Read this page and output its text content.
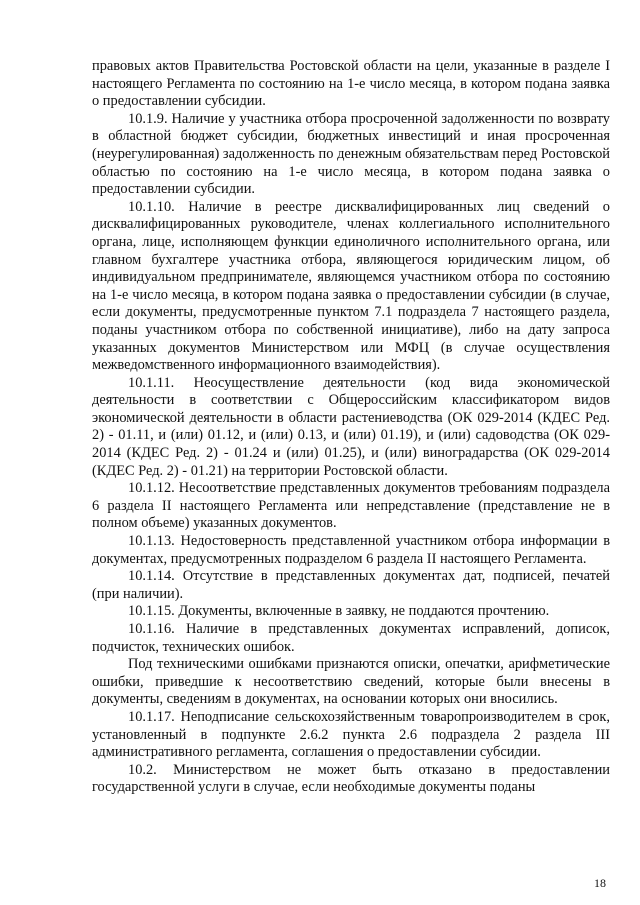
правовых актов Правительства Ростовской области на цели, указанные в разделе I настоящего Регламента по состоянию на 1-е число месяца, в котором подана заявка о предоставлении субсидии.

10.1.9. Наличие у участника отбора просроченной задолженности по возврату в областной бюджет субсидии, бюджетных инвестиций и иная просроченная (неурегулированная) задолженность по денежным обязательствам перед Ростовской областью по состоянию на 1-е число месяца, в котором подана заявка о предоставлении субсидии.

10.1.10. Наличие в реестре дисквалифицированных лиц сведений о дисквалифицированных руководителе, членах коллегиального исполнительного органа, лице, исполняющем функции единоличного исполнительного органа, или главном бухгалтере участника отбора, являющегося юридическим лицом, об индивидуальном предпринимателе, являющемся участником отбора по состоянию на 1-е число месяца, в котором подана заявка о предоставлении субсидии (в случае, если документы, предусмотренные пунктом 7.1 подраздела 7 настоящего раздела, поданы участником отбора по собственной инициативе), либо на дату запроса указанных документов Министерством или МФЦ (в случае осуществления межведомственного информационного взаимодействия).

10.1.11. Неосуществление деятельности (код вида экономической деятельности в соответствии с Общероссийским классификатором видов экономической деятельности в области растениеводства (ОК 029-2014 (КДЕС Ред. 2) - 01.11, и (или) 01.12, и (или) 0.13, и (или) 01.19), и (или) садоводства (ОК 029-2014 (КДЕС Ред. 2) - 01.24 и (или) 01.25), и (или) виноградарства (ОК 029-2014 (КДЕС Ред. 2) - 01.21) на территории Ростовской области.

10.1.12. Несоответствие представленных документов требованиям подраздела 6 раздела II настоящего Регламента или непредставление (представление не в полном объеме) указанных документов.

10.1.13. Недостоверность представленной участником отбора информации в документах, предусмотренных подразделом 6 раздела II настоящего Регламента.

10.1.14. Отсутствие в представленных документах дат, подписей, печатей (при наличии).

10.1.15. Документы, включенные в заявку, не поддаются прочтению.

10.1.16. Наличие в представленных документах исправлений, дописок, подчисток, технических ошибок.

Под техническими ошибками признаются описки, опечатки, арифметические ошибки, приведшие к несоответствию сведений, которые были внесены в документы, сведениям в документах, на основании которых они вносились.

10.1.17. Неподписание сельскохозяйственным товаропроизводителем в срок, установленный в подпункте 2.6.2 пункта 2.6 подраздела 2 раздела III административного регламента, соглашения о предоставлении субсидии.

10.2. Министерством не может быть отказано в предоставлении государственной услуги в случае, если необходимые документы поданы

18
